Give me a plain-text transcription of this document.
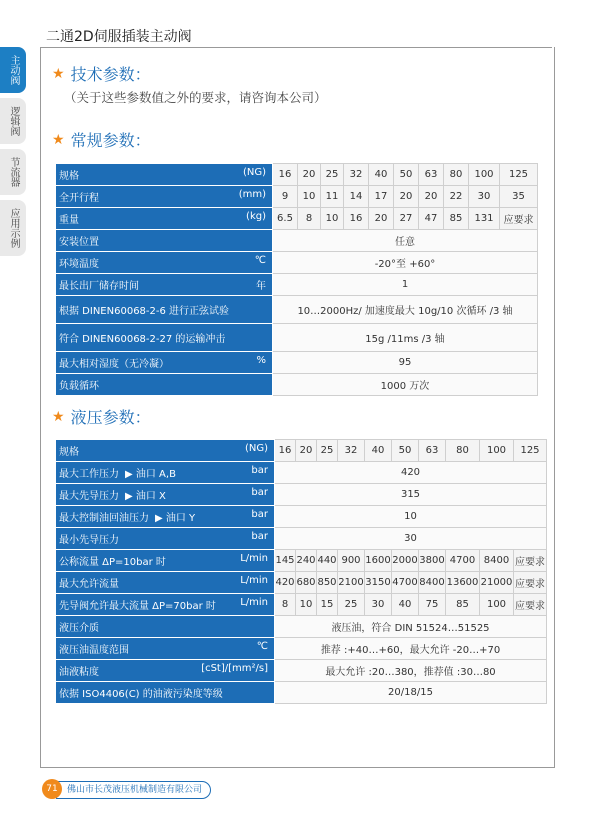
二通2D伺服插装主动阀
主动阀
逻辑阀
节流器
应用示例
★ 技术参数：
（关于这些参数值之外的要求，请咨询本公司）
★ 常规参数：
(NG)
规格	16	20	25	32	40	50	63	80	100	125

(mm)
全开行程	9	10	11	14	17	20	20	22	30	35

(kg)
重量	6.5	8	10	16	20	27	47	85	131	应要求
安装位置	任意									

℃
环境温度	-20°至 +60°									

年
最长出厂储存时间	1									
根据 DINEN60068-2-6 进行正弦试验	10…2000Hz/ 加速度最大 10g/10 次循环 /3 轴									
符合 DINEN60068-2-27 的运输冲击	15g /11ms /3 轴									

%
最大相对湿度（无冷凝）	95									
负载循环	1000 万次									
★ 液压参数：
(NG)
规格	16	20	25	32	40	50	63	80	100	125

bar
最大工作压力 ▶ 油口 A,B	420									

bar
最大先导压力 ▶ 油口 X	315									

bar
最大控制油回油压力 ▶ 油口 Y	10									

bar
最小先导压力	30									

L/min
公称流量 ΔP=10bar 时	145	240	440	900	1600	2000	3800	4700	8400	应要求

L/min
最大允许流量	420	680	850	2100	3150	4700	8400	13600	21000	应要求

L/min
先导阀允许最大流量 ΔP=70bar 时	8	10	15	25	30	40	75	85	100	应要求
液压介质	液压油，符合 DIN 51524…51525									

℃
液压油温度范围	推荐 :+40…+60，最大允许 -20…+70									

[cSt]/[mm²/s]
油液粘度	最大允许 :20…380，推荐值 :30…80									
依据 ISO4406(C) 的油液污染度等级	20/18/15									
佛山市长茂液压机械制造有限公司
71
